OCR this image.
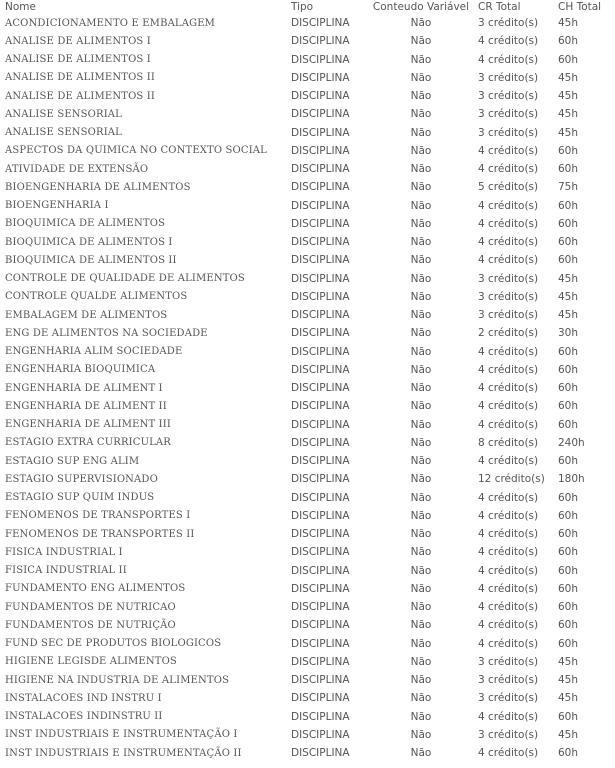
Nome	Tipo	Conteudo Variável	CR Total	CH Total
ACONDICIONAMENTO E EMBALAGEM	DISCIPLINA	Não	3 crédito(s)	45h
ANALISE DE ALIMENTOS I	DISCIPLINA	Não	4 crédito(s)	60h
ANALISE DE ALIMENTOS I	DISCIPLINA	Não	4 crédito(s)	60h
ANALISE DE ALIMENTOS II	DISCIPLINA	Não	3 crédito(s)	45h
ANALISE DE ALIMENTOS II	DISCIPLINA	Não	3 crédito(s)	45h
ANALISE SENSORIAL	DISCIPLINA	Não	3 crédito(s)	45h
ANALISE SENSORIAL	DISCIPLINA	Não	3 crédito(s)	45h
ASPECTOS DA QUIMICA NO CONTEXTO SOCIAL	DISCIPLINA	Não	4 crédito(s)	60h
ATIVIDADE DE EXTENSÃO	DISCIPLINA	Não	4 crédito(s)	60h
BIOENGENHARIA DE ALIMENTOS	DISCIPLINA	Não	5 crédito(s)	75h
BIOENGENHARIA I	DISCIPLINA	Não	4 crédito(s)	60h
BIOQUIMICA DE ALIMENTOS	DISCIPLINA	Não	4 crédito(s)	60h
BIOQUIMICA DE ALIMENTOS I	DISCIPLINA	Não	4 crédito(s)	60h
BIOQUIMICA DE ALIMENTOS II	DISCIPLINA	Não	4 crédito(s)	60h
CONTROLE DE QUALIDADE DE ALIMENTOS	DISCIPLINA	Não	3 crédito(s)	45h
CONTROLE QUALDE ALIMENTOS	DISCIPLINA	Não	3 crédito(s)	45h
EMBALAGEM DE ALIMENTOS	DISCIPLINA	Não	3 crédito(s)	45h
ENG DE ALIMENTOS NA SOCIEDADE	DISCIPLINA	Não	2 crédito(s)	30h
ENGENHARIA ALIM SOCIEDADE	DISCIPLINA	Não	4 crédito(s)	60h
ENGENHARIA BIOQUIMICA	DISCIPLINA	Não	4 crédito(s)	60h
ENGENHARIA DE ALIMENT I	DISCIPLINA	Não	4 crédito(s)	60h
ENGENHARIA DE ALIMENT II	DISCIPLINA	Não	4 crédito(s)	60h
ENGENHARIA DE ALIMENT III	DISCIPLINA	Não	4 crédito(s)	60h
ESTAGIO EXTRA CURRICULAR	DISCIPLINA	Não	8 crédito(s)	240h
ESTAGIO SUP ENG ALIM	DISCIPLINA	Não	4 crédito(s)	60h
ESTAGIO SUPERVISIONADO	DISCIPLINA	Não	12 crédito(s)	180h
ESTAGIO SUP QUIM INDUS	DISCIPLINA	Não	4 crédito(s)	60h
FENOMENOS DE TRANSPORTES I	DISCIPLINA	Não	4 crédito(s)	60h
FENOMENOS DE TRANSPORTES II	DISCIPLINA	Não	4 crédito(s)	60h
FISICA INDUSTRIAL I	DISCIPLINA	Não	4 crédito(s)	60h
FISICA INDUSTRIAL II	DISCIPLINA	Não	4 crédito(s)	60h
FUNDAMENTO ENG ALIMENTOS	DISCIPLINA	Não	4 crédito(s)	60h
FUNDAMENTOS DE NUTRICAO	DISCIPLINA	Não	4 crédito(s)	60h
FUNDAMENTOS DE NUTRIÇÃO	DISCIPLINA	Não	4 crédito(s)	60h
FUND SEC DE PRODUTOS BIOLOGICOS	DISCIPLINA	Não	4 crédito(s)	60h
HIGIENE LEGISDE ALIMENTOS	DISCIPLINA	Não	3 crédito(s)	45h
HIGIENE NA INDUSTRIA DE ALIMENTOS	DISCIPLINA	Não	3 crédito(s)	45h
INSTALACOES IND INSTRU I	DISCIPLINA	Não	3 crédito(s)	45h
INSTALACOES INDINSTRU II	DISCIPLINA	Não	4 crédito(s)	60h
INST INDUSTRIAIS E INSTRUMENTAÇÃO I	DISCIPLINA	Não	3 crédito(s)	45h
INST INDUSTRIAIS E INSTRUMENTAÇÃO II	DISCIPLINA	Não	4 crédito(s)	60h
